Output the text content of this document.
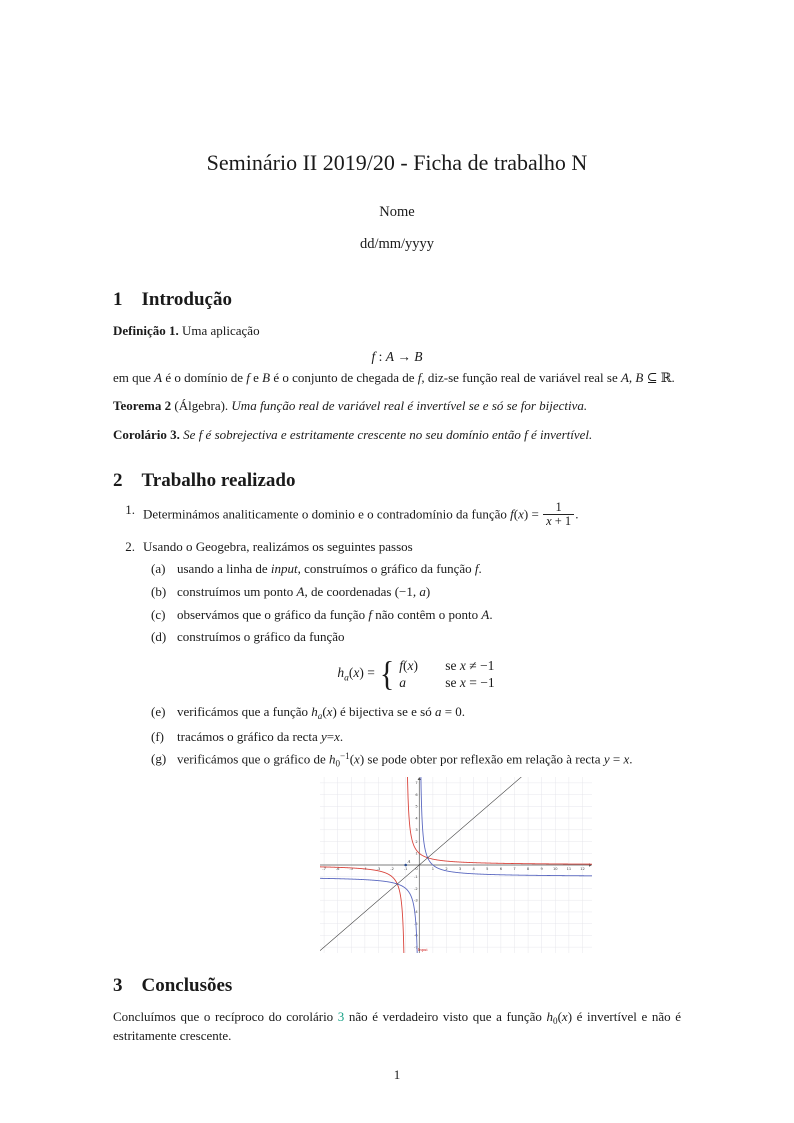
Seminário II 2019/20 - Ficha de trabalho N
Nome
dd/mm/yyyy
1 Introdução

Definição 1. Uma aplicação

f : A → B

em que A é o domínio de f e B é o conjunto de chegada de f, diz-se função real de variável real se A, B ⊆ ℝ.

Teorema 2 (Álgebra). Uma função real de variável real é invertível se e só se for bijectiva.

Corolário 3. Se f é sobrejectiva e estritamente crescente no seu domínio então f é invertível.

2 Trabalho realizado
1. Determinámos analiticamente o dominio e o contradomínio da função $f(x) = \frac{1}{x + 1}$ .
2. Usando o Geogebra, realizámos os seguintes passos
(a) usando a linha de input, construímos o gráfico da função f.
(b) construímos um ponto A, de coordenadas (−1, a)
(c) observámos que o gráfico da função f não contêm o ponto A.
(d) construímos o gráfico da função
$h_a(x)$ = { f(x)	se x ≠ −1
a	se x = −1
(e) verificámos que a função $h_a(x)$ é bijectiva se e só a = 0.
(f)	tracámos o gráfico da recta y=x.
(g) verificámos que o gráfico de $h_0^{-1}(x)$ se pode obter por reflexão em relação à recta y = x.
-7	-6	-5	-4	-3	-2	-1	1	2	3	4	5	6	7	8	9	10	11	12
-7
-6
-5
-4
-3
-2
-1
1
2
3
4
5
6
7
0
A
Input
3 Conclusões

Concluímos que o recíproco do corolário 3 não é verdadeiro visto que a função $h_0(x)$ é invertível e não é estritamente crescente.

1
